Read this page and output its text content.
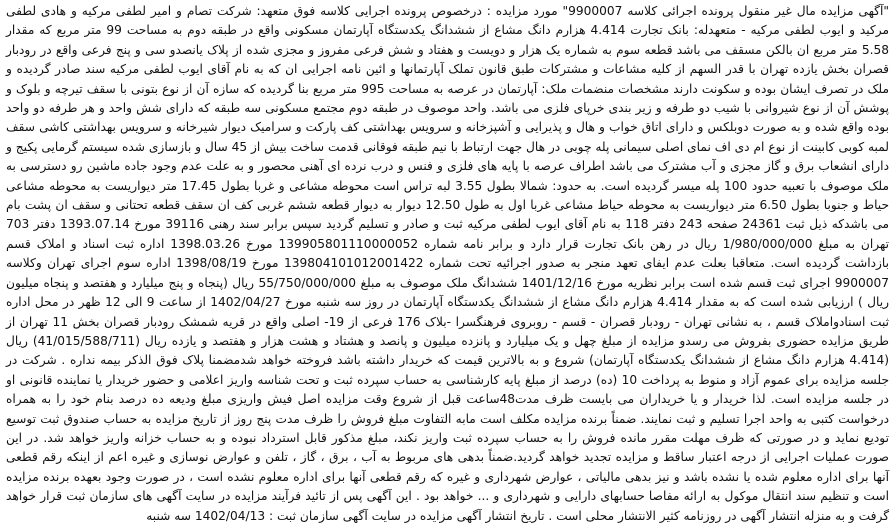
"آگهی مزایده مال غیر منقول پرونده اجرائی کلاسه 9900007" مورد مزایده : درخصوص پرونده اجرایی کلاسه فوق متعهد: شرکت تصام و امیر لطفی مرکیه و هادی لطفی مرکید و ایوب لطفی مرکیه - متعهدله: بانک تجارت 4.414 هزارم دانگ مشاع از ششدانگ یکدستگاه آپارتمان مسکونی واقع در طبقه دوم به مساحت 99 متر مربع که مقدار 5.58 متر مربع ان بالکن مسقف می باشد قطعه سوم به شماره یک هزار و دویست و هفتاد و شش فرعی مفروز و مجزی شده از پلاک یانصدو سی و پنج فرعی واقع در رودبار قصران بخش یازده تهران با قدر السهم از کلیه مشاعات و مشترکات طبق قانون تملک آپارتمانها و ائین نامه اجرایی ان که به نام آقای ایوب لطفی مرکیه سند صادر گردیده و ملک در تصرف ایشان بوده و سکونت دارند مشخصات منضمات ملک: آپارتمان در عرصه به مساحت 995 متر مربع بنا گردیده که سازه آن از نوع بتونی با سقف تیرچه و بلوک و پوشش آن از نوع شیروانی با شیب دو طرفه و زیر بندی خرپای فلزی می باشد. واحد موصوف در طبقه دوم مجتمع مسکونی سه طبقه که دارای شش واحد و هر طرفه دو واحد بوده واقع شده و به صورت دوبلکس و دارای اتاق خواب و هال و پذیرایی و آشپزخانه و سرویس بهداشتی کف پارکت و سرامیک دیوار شیرخانه و سرویس بهداشتی کاشی سقف لمبه کوبی کابینت از نوع ام دی اف نمای اصلی سیمانی پله چوبی در هال جهت ارتباط با نیم طبقه فوقانی قدمت ساخت بیش از 45 سال و بازسازی شده سیستم گرمایی پکیج و دارای انشعاب برق و گاز مجزی و آب مشترک می باشد اطراف عرصه با پایه های فلزی و فنس و درب نرده ای آهنی محصور و به علت عدم وجود جاده ماشین رو دسترسی به ملک موصوف با تعبیه حدود 100 پله میسر گردیده است. به حدود: شمالا بطول 3.55 لبه تراس است محوطه مشاعی و غربا بطول 17.45 متر دیواریست به محوطه مشاعی حیاط و جنوبا بطول 6.50 متر دیواریست به محوطه حیاط مشاعی غربا اول به طول 12.50 دیوار به دیوار قطعه ششم غربی کف ان سقف قطعه تحتانی و سقف ان پشت بام می باشدکه ذیل ثبت 24361 صفحه 243 دفتر 118 به نام آقای ایوب لطفی مرکیه ثبت و صادر و تسلیم گردید سپس برابر سند رهنی 39116 مورخ 1393.07.14 دفتر 703 تهران به مبلغ 1/980/000/000 ریال در رهن بانک تجارت قرار دارد و برابر نامه شماره 139905801110000052 مورخ 1398.03.26 اداره ثبت اسناد و املاک قسم بازداشت گردیده است. متعاقبا بعلت عدم ایفای تعهد منجر به صدور اجرائیه تحت شماره 139804101012001422 مورخ 1398/08/19 اداره سوم اجرای تهران وکلاسه 9900007 اجرای ثبت قسم شده است برابر نظریه مورخ 1401/12/16 ششدانگ ملک موصوف به مبلغ 55/750/000/000 ریال (پنجاه و پنج میلیارد و هفتصد و پنجاه میلیون ریال ) ارزیابی شده است که به مقدار 4.414 هزارم دانگ مشاع از ششدانگ یکدستگاه آپارتمان در روز سه شنبه مورخ 1402/04/27 از ساعت 9 الی 12 ظهر در محل اداره ثبت اسنادواملاک قسم ، به نشانی تهران - رودبار قصران - قسم - روبروی فرهنگسرا -بلاک 176 فرعی از 19- اصلی واقع در قریه شمشک رودبار قصران بخش 11 تهران از طریق مزایده حضوری بفروش می رسدو مزایده از مبلغ چهل و یک میلیارد و پانزده میلیون و پانصد و هشتاد و هشت هزار و هفتصد و یازده ریال (41/015/588/711) ریال (4.414 هزارم دانگ مشاع از ششدانگ یکدستگاه آپارتمان) شروع و به بالاترین قیمت که خریدار داشته باشد فروخته خواهد شدمضمنا پلاک فوق الذکر بیمه نداره . شرکت در جلسه مزایده برای عموم آزاد و منوط به پرداخت 10 (ده) درصد از مبلغ پایه کارشناسی به حساب سپرده ثبت و تحت شناسه واریز اعلامی و حضور خریدار یا نماینده قانونی او در جلسه مزایده است. لذا خریدار و یا خریداران می بایست ظرف مدت48ساعت قبل از شروع وقت مزایده اصل فیش واریزی مبلغ ودیعه ده درصد بنام خود را به همراه درخواست کتبی به واحد اجرا تسلیم و ثبت نمایند. ضمناً برنده مزایده مکلف است مابه التفاوت مبلغ فروش را ظرف مدت پنج روز از تاریخ مزایده به حساب صندوق ثبت توسیع تودیع نماید و در صورتی که ظرف مهلت مقرر مانده فروش را به حساب سپرده ثبت واریز نکند، مبلغ مذکور قابل استرداد نبوده و به حساب خزانه واریز خواهد شد. در این صورت عملیات اجرایی از درجه اعتبار ساقط و مزایده تجدید خواهد گردید.ضمناً بدهی های مربوط به آب ، برق ، گاز ، تلفن و عوارض نوسازی و غیره اعم از اینکه رقم قطعی آنها برای اداره معلوم شده یا نشده باشد و نیز بدهی مالیاتی ، عوارض شهرداری و غیره که رقم قطعی آنها برای اداره معلوم نشده است ، در صورت وجود بعهده برنده مزایده است و تنظیم سند انتقال موکول به ارائه مفاصا حسابهای دارایی و شهرداری و ... خواهد بود . این آگهی پس از تائید فرآیند مزایده در سایت آگهی های سازمان ثبت قرار خواهد گرفت و به منزله انتشار آگهی در روزنامه کثیر الانتشار محلی است . تاریخ انتشار آگهی مزایده در سایت آگهی سازمان ثبت : 1402/04/13 سه شنبه
